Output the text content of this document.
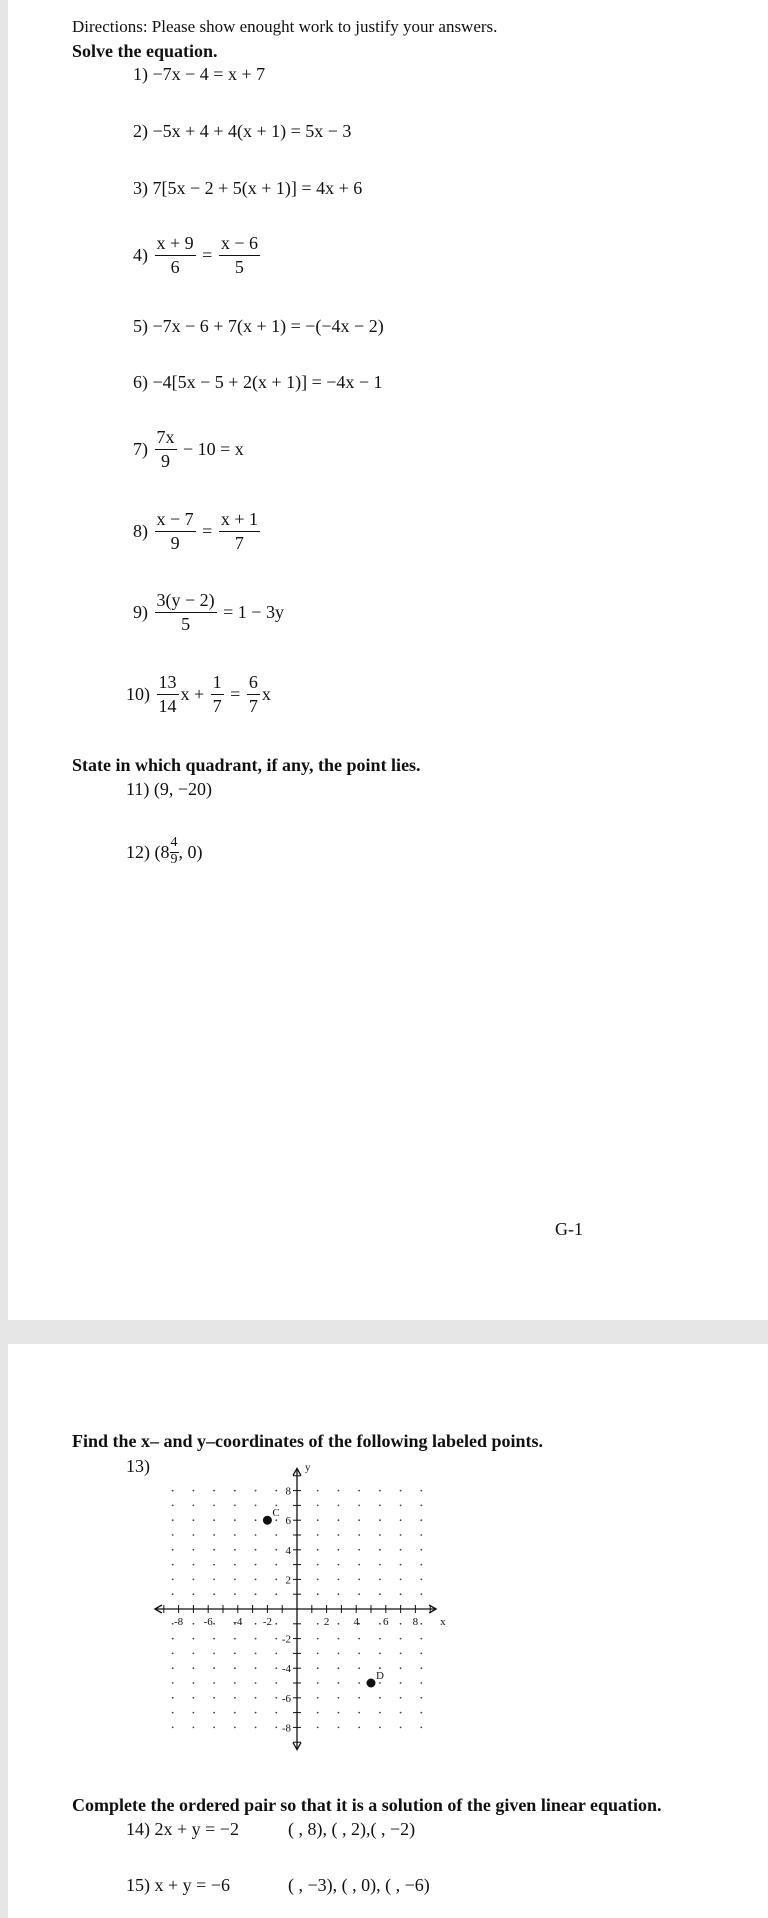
Directions: Please show enought work to justify your answers.
Solve the equation.
1) −7x − 4 = x + 7
2) −5x + 4 + 4(x + 1) = 5x − 3
3) 7[5x − 2 + 5(x + 1)] = 4x + 6
$4) \frac{x + 9}{6} = \frac{x - 6}{5}$
5) −7x − 6 + 7(x + 1) = −(−4x − 2)
6) −4[5x − 5 + 2(x + 1)] = −4x − 1
$7) \frac{7x}{9} - 10 = x$
$8) \frac{x - 7}{9} = \frac{x + 1}{7}$
$9) \frac{3(y - 2)}{5} = 1 - 3y$
$10) \frac{13}{14}$ $x + \frac{1}{7} = \frac{6}{7}$ x
State in which quadrant, if any, the point lies.
11) (9, −20)
12) ($8 \frac{4}{9}$ , 0)
G-1
Find the x– and y–coordinates of the following labeled points.
13)
-8 -6 -4 -2	2 4 6 8
8
6
4
2
-2
-4
-6
-8
x
y
C
D
Complete the ordered pair so that it is a solution of the given linear equation.
14) 2x + y = −2	( , 8), ( , 2),( , −2)
15) x + y = −6	( , −3), ( , 0), ( , −6)
